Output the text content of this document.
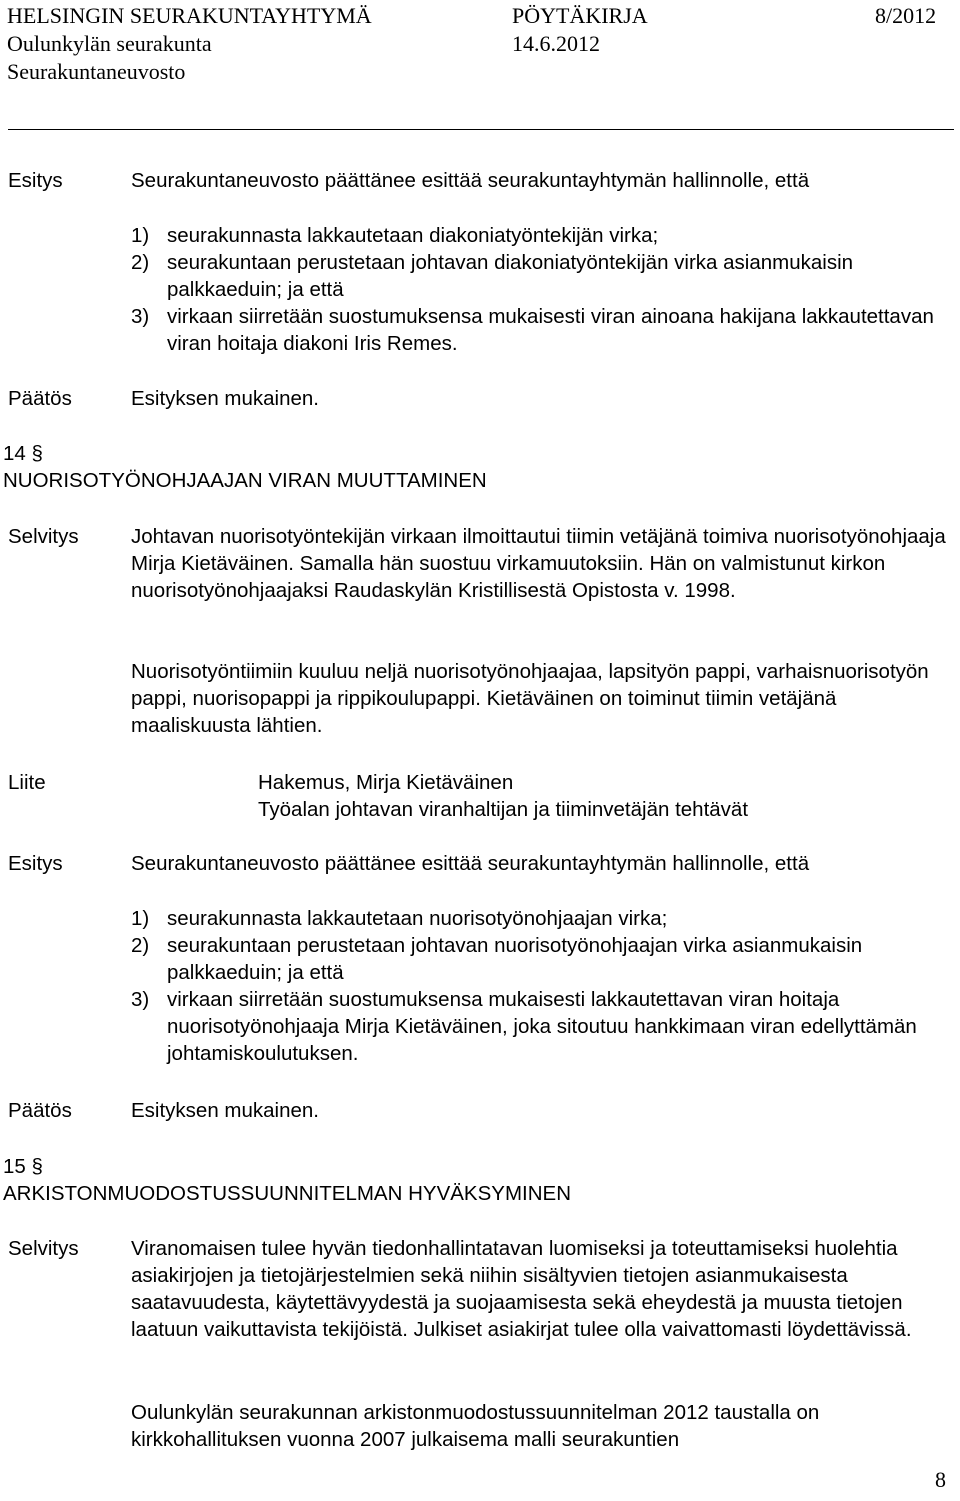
HELSINGIN SEURAKUNTAYHTYMÄ	PÖYTÄKIRJA	8/2012
Oulunkylän seurakunta	14.6.2012
Seurakuntaneuvosto
Esitys	Seurakuntaneuvosto päättänee esittää seurakuntayhtymän hallinnolle, että

1) seurakunnasta lakkautetaan diakoniatyöntekijän virka;
2) seurakuntaan perustetaan johtavan diakoniatyöntekijän virka asianmukaisin palkkaeduin; ja että
3) virkaan siirretään suostumuksensa mukaisesti viran ainoana hakijana lakkautettavan viran hoitaja diakoni Iris Remes.
Päätös	Esityksen mukainen.

14 §
NUORISOTYÖNOHJAAJAN VIRAN MUUTTAMINEN
Selvitys	Johtavan nuorisotyöntekijän virkaan ilmoittautui tiimin vetäjänä toimiva nuorisotyönohjaaja Mirja Kietäväinen. Samalla hän suostuu virkamuutoksiin. Hän on valmistunut kirkon nuorisotyönohjaajaksi Raudaskylän Kristillisestä Opistosta v. 1998.

Nuorisotyöntiimiin kuuluu neljä nuorisotyönohjaajaa, lapsityön pappi, varhaisnuorisotyön pappi, nuorisopappi ja rippikoulupappi. Kietäväinen on toiminut tiimin vetäjänä maaliskuusta lähtien.

Liite	Hakemus, Mirja Kietäväinen

Työalan johtavan viranhaltijan ja tiiminvetäjän tehtävät

Esitys	Seurakuntaneuvosto päättänee esittää seurakuntayhtymän hallinnolle, että

1) seurakunnasta lakkautetaan nuorisotyönohjaajan virka;
2) seurakuntaan perustetaan johtavan nuorisotyönohjaajan virka asianmukaisin palkkaeduin; ja että
3) virkaan siirretään suostumuksensa mukaisesti lakkautettavan viran hoitaja nuorisotyönohjaaja Mirja Kietäväinen, joka sitoutuu hankkimaan viran edellyttämän johtamiskoulutuksen.
Päätös	Esityksen mukainen.

15 §
ARKISTONMUODOSTUSSUUNNITELMAN HYVÄKSYMINEN
Selvitys	Viranomaisen tulee hyvän tiedonhallintatavan luomiseksi ja toteuttamiseksi huolehtia asiakirjojen ja tietojärjestelmien sekä niihin sisältyvien tietojen asianmukaisesta saatavuudesta, käytettävyydestä ja suojaamisesta sekä eheydestä ja muusta tietojen laatuun vaikuttavista tekijöistä. Julkiset asiakirjat tulee olla vaivattomasti löydettävissä.

Oulunkylän seurakunnan arkistonmuodostussuunnitelman 2012 taustalla on kirkkohallituksen vuonna 2007 julkaisema malli seurakuntien

8
